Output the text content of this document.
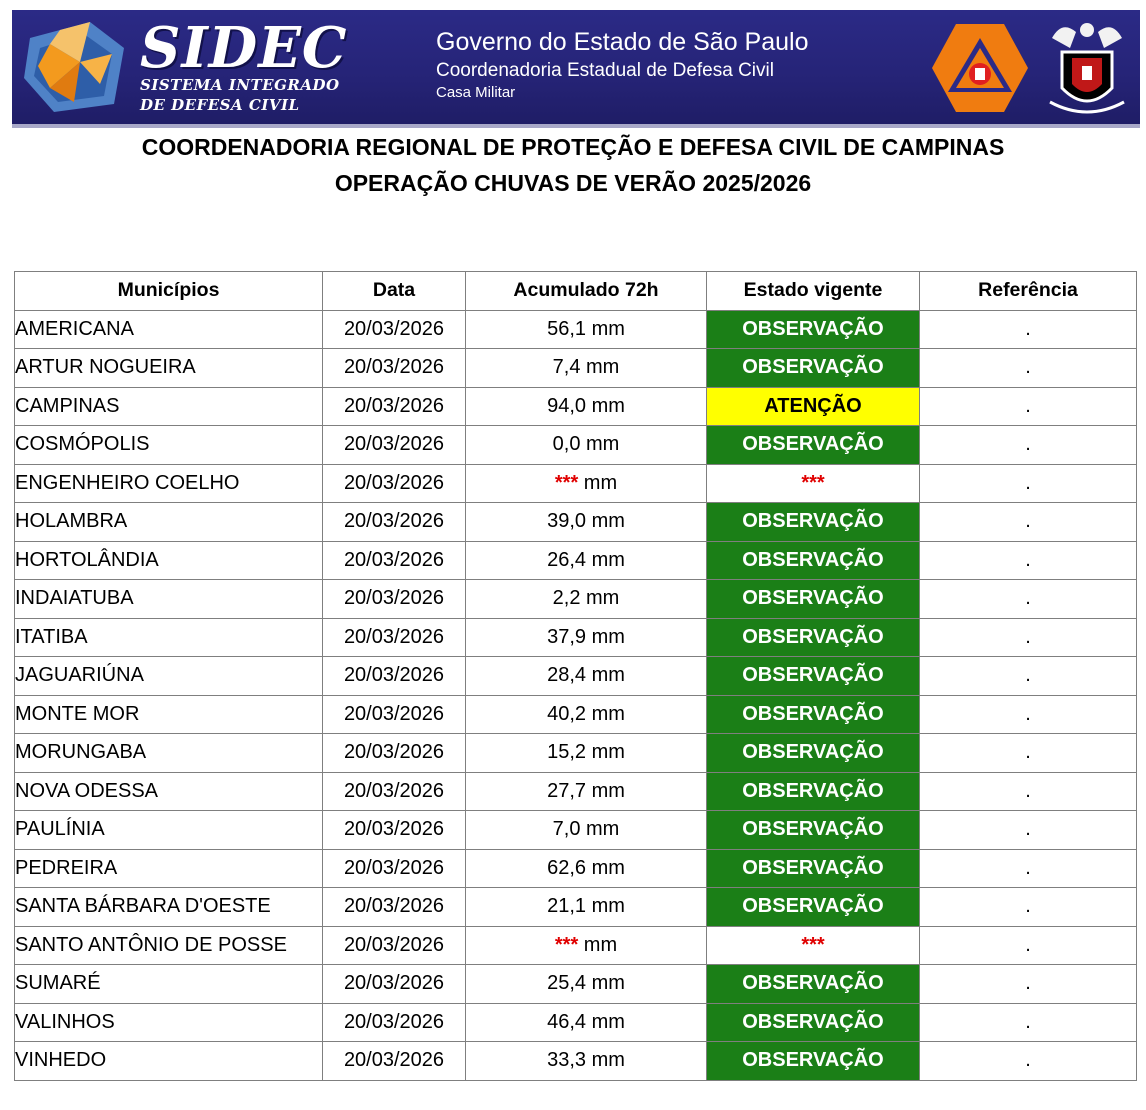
SIDEC
SISTEMA INTEGRADO
DE DEFESA CIVIL
Governo do Estado de São Paulo
Coordenadoria Estadual de Defesa Civil
Casa Militar
COORDENADORIA REGIONAL DE PROTEÇÃO E DEFESA CIVIL DE CAMPINAS
OPERAÇÃO CHUVAS DE VERÃO 2025/2026
Municípios	Data	Acumulado 72h	Estado vigente	Referência
AMERICANA	20/03/2026	56,1 mm	OBSERVAÇÃO	.
ARTUR NOGUEIRA	20/03/2026	7,4 mm	OBSERVAÇÃO	.
CAMPINAS	20/03/2026	94,0 mm	ATENÇÃO	.
COSMÓPOLIS	20/03/2026	0,0 mm	OBSERVAÇÃO	.
ENGENHEIRO COELHO	20/03/2026	*** mm	***	.
HOLAMBRA	20/03/2026	39,0 mm	OBSERVAÇÃO	.
HORTOLÂNDIA	20/03/2026	26,4 mm	OBSERVAÇÃO	.
INDAIATUBA	20/03/2026	2,2 mm	OBSERVAÇÃO	.
ITATIBA	20/03/2026	37,9 mm	OBSERVAÇÃO	.
JAGUARIÚNA	20/03/2026	28,4 mm	OBSERVAÇÃO	.
MONTE MOR	20/03/2026	40,2 mm	OBSERVAÇÃO	.
MORUNGABA	20/03/2026	15,2 mm	OBSERVAÇÃO	.
NOVA ODESSA	20/03/2026	27,7 mm	OBSERVAÇÃO	.
PAULÍNIA	20/03/2026	7,0 mm	OBSERVAÇÃO	.
PEDREIRA	20/03/2026	62,6 mm	OBSERVAÇÃO	.
SANTA BÁRBARA D'OESTE	20/03/2026	21,1 mm	OBSERVAÇÃO	.
SANTO ANTÔNIO DE POSSE	20/03/2026	*** mm	***	.
SUMARÉ	20/03/2026	25,4 mm	OBSERVAÇÃO	.
VALINHOS	20/03/2026	46,4 mm	OBSERVAÇÃO	.
VINHEDO	20/03/2026	33,3 mm	OBSERVAÇÃO	.
